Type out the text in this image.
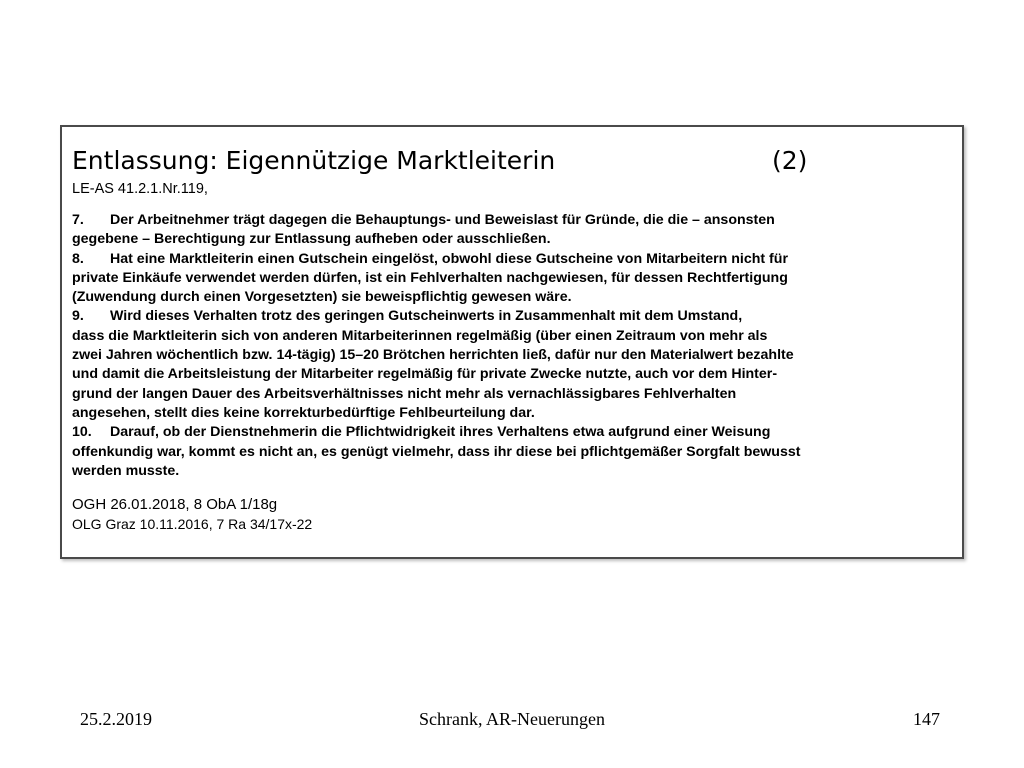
Entlassung: Eigennützige Marktleiterin	(2)
LE-AS 41.2.1.Nr.119,
7. Der Arbeitnehmer trägt dagegen die Behauptungs- und Beweislast für Gründe, die die – ansonsten
gegebene – Berechtigung zur Entlassung aufheben oder ausschließen.
8. Hat eine Marktleiterin einen Gutschein eingelöst, obwohl diese Gutscheine von Mitarbeitern nicht für
private Einkäufe verwendet werden dürfen, ist ein Fehlverhalten nachgewiesen, für dessen Rechtfertigung
(Zuwendung durch einen Vorgesetzten) sie beweispflichtig gewesen wäre.
9. Wird dieses Verhalten trotz des geringen Gutscheinwerts in Zusammenhalt mit dem Umstand,
dass die Marktleiterin sich von anderen Mitarbeiterinnen regelmäßig (über einen Zeitraum von mehr als
zwei Jahren wöchentlich bzw. 14-tägig) 15–20 Brötchen herrichten ließ, dafür nur den Materialwert bezahlte
und damit die Arbeitsleistung der Mitarbeiter regelmäßig für private Zwecke nutzte, auch vor dem Hinter-
grund der langen Dauer des Arbeitsverhältnisses nicht mehr als vernachlässigbares Fehlverhalten
angesehen, stellt dies keine korrekturbedürftige Fehlbeurteilung dar.
10. Darauf, ob der Dienstnehmerin die Pflichtwidrigkeit ihres Verhaltens etwa aufgrund einer Weisung
offenkundig war, kommt es nicht an, es genügt vielmehr, dass ihr diese bei pflichtgemäßer Sorgfalt bewusst
werden musste.
OGH 26.01.2018, 8 ObA 1/18g
OLG Graz 10.11.2016, 7 Ra 34/17x-22
25.2.2019	Schrank, AR-Neuerungen	147
